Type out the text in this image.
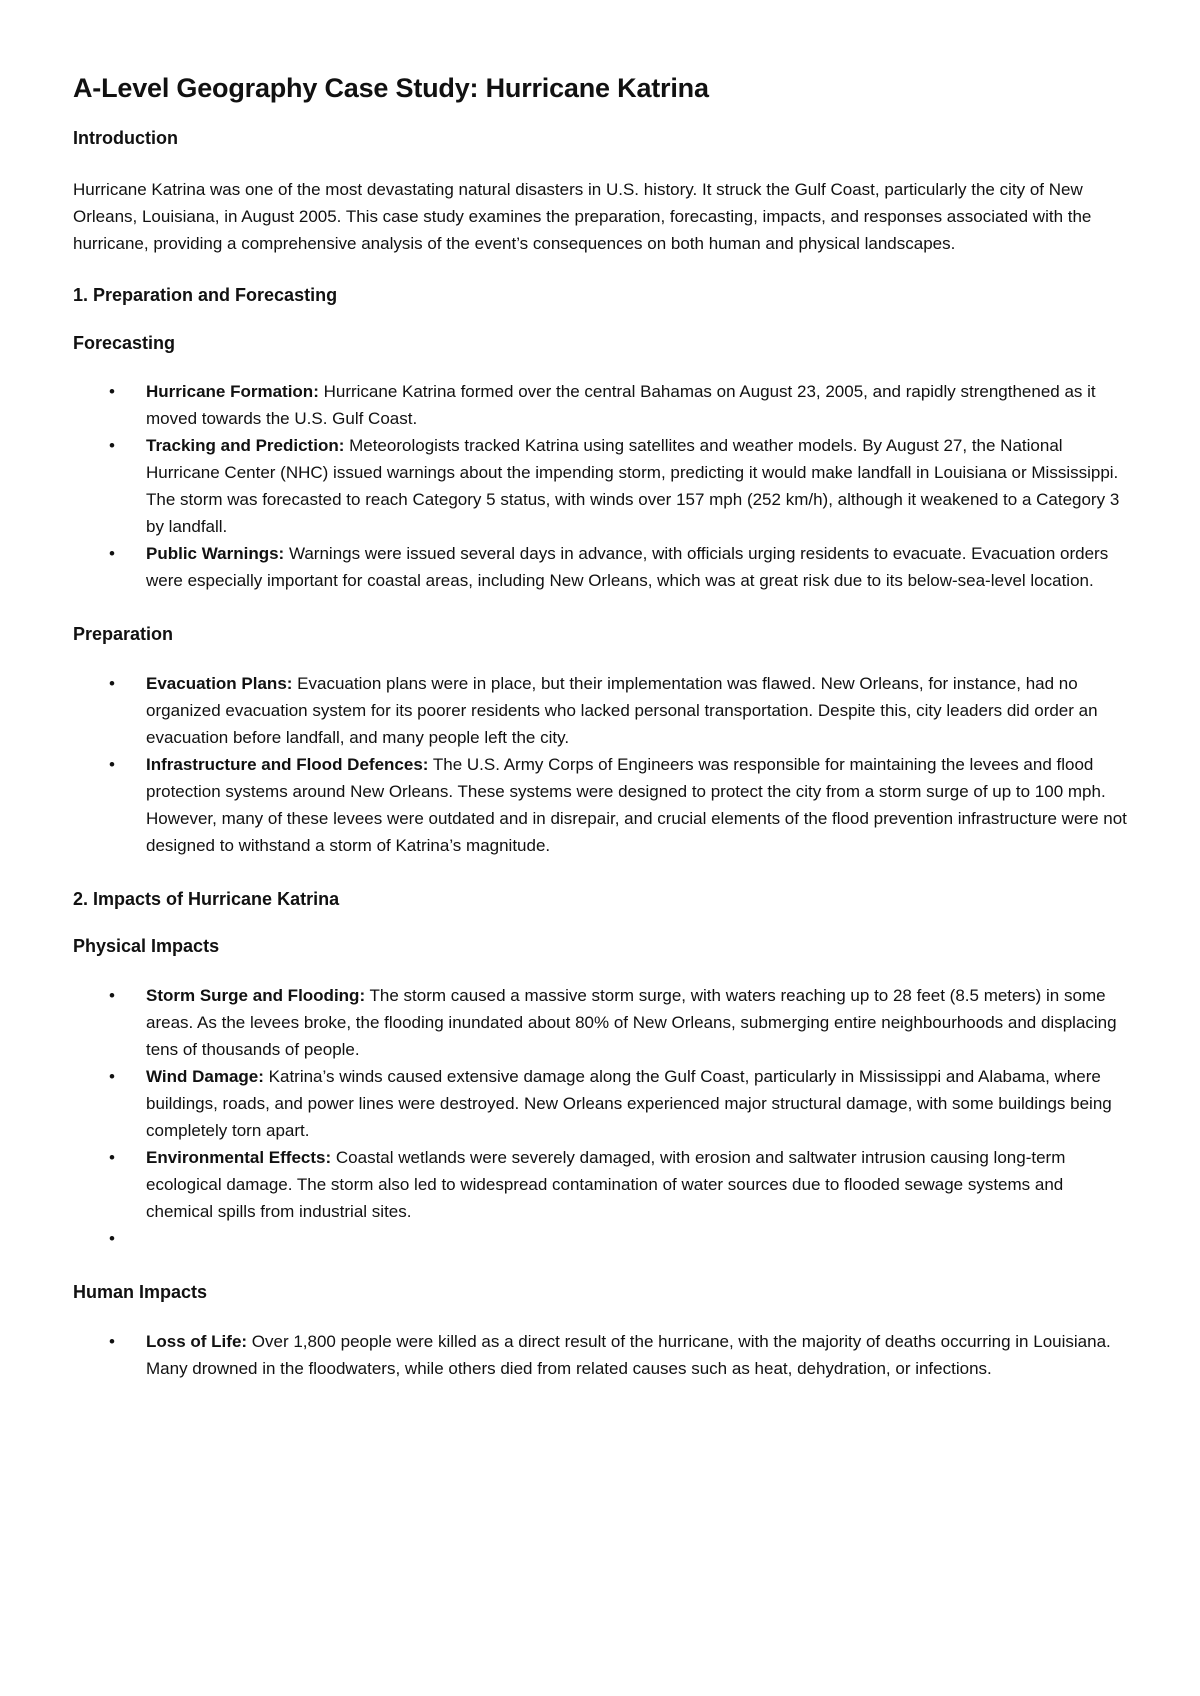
A-Level Geography Case Study: Hurricane Katrina
Introduction

Hurricane Katrina was one of the most devastating natural disasters in U.S. history. It struck the Gulf Coast, particularly the city of New Orleans, Louisiana, in August 2005. This case study examines the preparation, forecasting, impacts, and responses associated with the hurricane, providing a comprehensive analysis of the event’s consequences on both human and physical landscapes.

1. Preparation and Forecasting
Forecasting
• Hurricane Formation: Hurricane Katrina formed over the central Bahamas on August 23, 2005, and rapidly strengthened as it moved towards the U.S. Gulf Coast.
• Tracking and Prediction: Meteorologists tracked Katrina using satellites and weather models. By August 27, the National Hurricane Center (NHC) issued warnings about the impending storm, predicting it would make landfall in Louisiana or Mississippi. The storm was forecasted to reach Category 5 status, with winds over 157 mph (252 km/h), although it weakened to a Category 3 by landfall.
• Public Warnings: Warnings were issued several days in advance, with officials urging residents to evacuate. Evacuation orders were especially important for coastal areas, including New Orleans, which was at great risk due to its below-sea-level location.
Preparation
• Evacuation Plans: Evacuation plans were in place, but their implementation was flawed. New Orleans, for instance, had no organized evacuation system for its poorer residents who lacked personal transportation. Despite this, city leaders did order an evacuation before landfall, and many people left the city.
• Infrastructure and Flood Defences: The U.S. Army Corps of Engineers was responsible for maintaining the levees and flood protection systems around New Orleans. These systems were designed to protect the city from a storm surge of up to 100 mph. However, many of these levees were outdated and in disrepair, and crucial elements of the flood prevention infrastructure were not designed to withstand a storm of Katrina’s magnitude.
2. Impacts of Hurricane Katrina
Physical Impacts
• Storm Surge and Flooding: The storm caused a massive storm surge, with waters reaching up to 28 feet (8.5 meters) in some areas. As the levees broke, the flooding inundated about 80% of New Orleans, submerging entire neighbourhoods and displacing tens of thousands of people.
• Wind Damage: Katrina’s winds caused extensive damage along the Gulf Coast, particularly in Mississippi and Alabama, where buildings, roads, and power lines were destroyed. New Orleans experienced major structural damage, with some buildings being completely torn apart.
• Environmental Effects: Coastal wetlands were severely damaged, with erosion and saltwater intrusion causing long-term ecological damage. The storm also led to widespread contamination of water sources due to flooded sewage systems and chemical spills from industrial sites.
•
Human Impacts
• Loss of Life: Over 1,800 people were killed as a direct result of the hurricane, with the majority of deaths occurring in Louisiana. Many drowned in the floodwaters, while others died from related causes such as heat, dehydration, or infections.
